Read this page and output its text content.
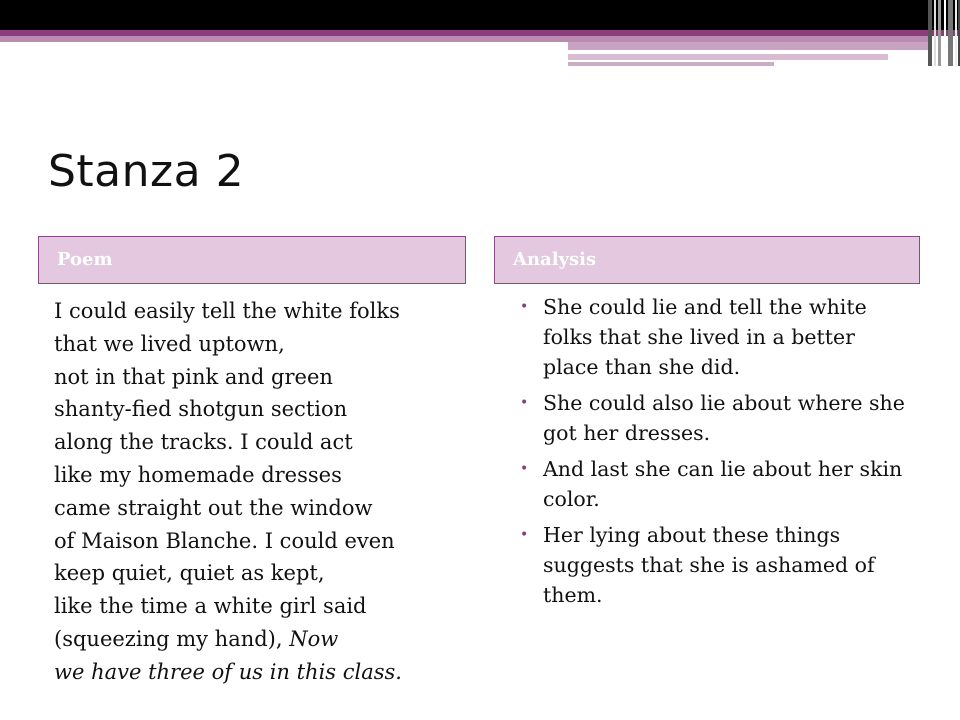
Stanza 2
Poem	Analysis
I could easily tell the white folks
that we lived uptown,
not in that pink and green
shanty-fied shotgun section
along the tracks. I could act
like my homemade dresses
came straight out the window
of Maison Blanche. I could even
keep quiet, quiet as kept,
like the time a white girl said
(squeezing my hand), Now
we have three of us in this class.
• She could lie and tell the white folks that she lived in a better place than she did.
• She could also lie about where she got her dresses.
• And last she can lie about her skin color.
• Her lying about these things suggests that she is ashamed of them.
